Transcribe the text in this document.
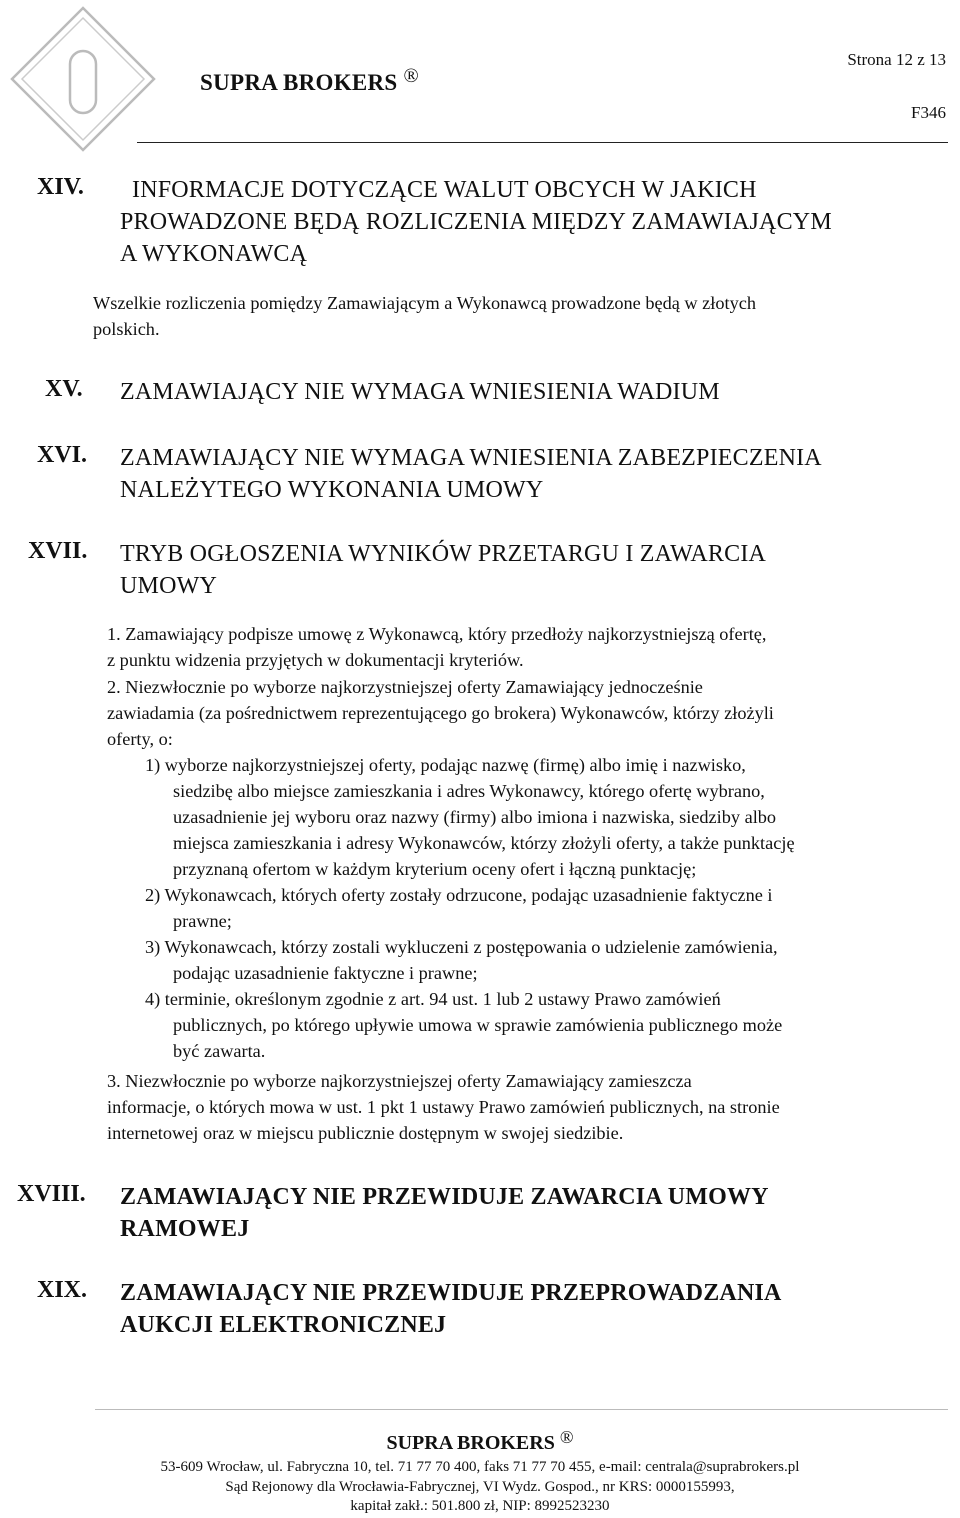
SUPRA BROKERS ®
Strona 12 z 13
F346
XIV.	INFORMACJE DOTYCZĄCE WALUT OBCYCH W JAKICH
PROWADZONE BĘDĄ ROZLICZENIA MIĘDZY ZAMAWIAJĄCYM
A WYKONAWCĄ
Wszelkie rozliczenia pomiędzy Zamawiającym a Wykonawcą prowadzone będą w złotych
polskich.
XV. ZAMAWIAJĄCY NIE WYMAGA WNIESIENIA WADIUM
XVI. ZAMAWIAJĄCY NIE WYMAGA WNIESIENIA ZABEZPIECZENIA
NALEŻYTEGO WYKONANIA UMOWY
XVII. TRYB OGŁOSZENIA WYNIKÓW PRZETARGU I ZAWARCIA
UMOWY
1. Zamawiający podpisze umowę z Wykonawcą, który przedłoży najkorzystniejszą ofertę,
z punktu widzenia przyjętych w dokumentacji kryteriów.
2. Niezwłocznie po wyborze najkorzystniejszej oferty Zamawiający jednocześnie
zawiadamia (za pośrednictwem reprezentującego go brokera) Wykonawców, którzy złożyli
oferty, o:
1) wyborze najkorzystniejszej oferty, podając nazwę (firmę) albo imię i nazwisko,
siedzibę albo miejsce zamieszkania i adres Wykonawcy, którego ofertę wybrano,
uzasadnienie jej wyboru oraz nazwy (firmy) albo imiona i nazwiska, siedziby albo
miejsca zamieszkania i adresy Wykonawców, którzy złożyli oferty, a także punktację
przyznaną ofertom w każdym kryterium oceny ofert i łączną punktację;
2) Wykonawcach, których oferty zostały odrzucone, podając uzasadnienie faktyczne i
prawne;
3) Wykonawcach, którzy zostali wykluczeni z postępowania o udzielenie zamówienia,
podając uzasadnienie faktyczne i prawne;
4) terminie, określonym zgodnie z art. 94 ust. 1 lub 2 ustawy Prawo zamówień
publicznych, po którego upływie umowa w sprawie zamówienia publicznego może
być zawarta.
3. Niezwłocznie po wyborze najkorzystniejszej oferty Zamawiający zamieszcza
informacje, o których mowa w ust. 1 pkt 1 ustawy Prawo zamówień publicznych, na stronie
internetowej oraz w miejscu publicznie dostępnym w swojej siedzibie.
XVIII. ZAMAWIAJĄCY NIE PRZEWIDUJE ZAWARCIA UMOWY
RAMOWEJ
XIX. ZAMAWIAJĄCY NIE PRZEWIDUJE PRZEPROWADZANIA
AUKCJI ELEKTRONICZNEJ
SUPRA BROKERS ®
53-609 Wrocław, ul. Fabryczna 10, tel. 71 77 70 400, faks 71 77 70 455, e-mail: centrala@suprabrokers.pl
Sąd Rejonowy dla Wrocławia-Fabrycznej, VI Wydz. Gospod., nr KRS: 0000155993,
kapitał zakł.: 501.800 zł, NIP: 8992523230
